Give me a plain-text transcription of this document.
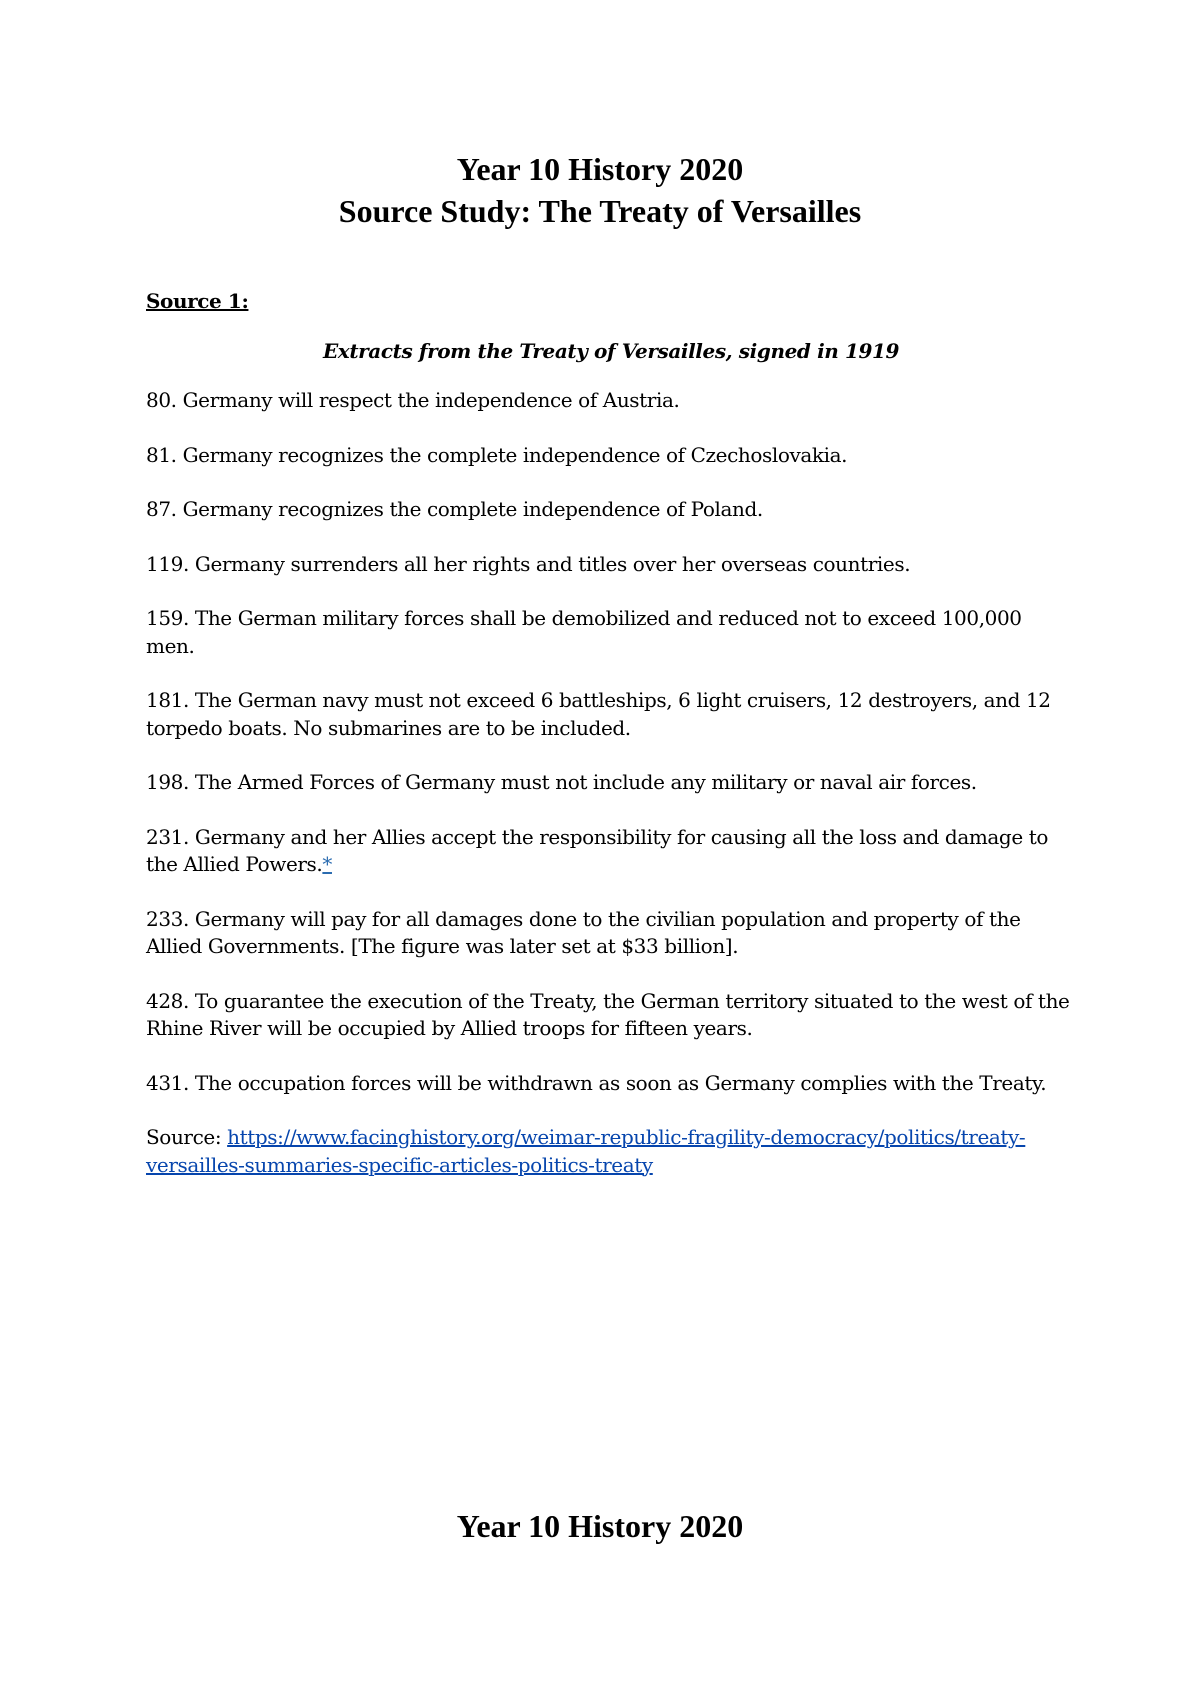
Year 10 History 2020
Source Study: The Treaty of Versailles

Source 1:

Extracts from the Treaty of Versailles, signed in 1919

80. Germany will respect the independence of Austria.

81. Germany recognizes the complete independence of Czechoslovakia.

87. Germany recognizes the complete independence of Poland.

119. Germany surrenders all her rights and titles over her overseas countries.

159. The German military forces shall be demobilized and reduced not to exceed 100,000 men.

181. The German navy must not exceed 6 battleships, 6 light cruisers, 12 destroyers, and 12 torpedo boats. No submarines are to be included.

198. The Armed Forces of Germany must not include any military or naval air forces.

231. Germany and her Allies accept the responsibility for causing all the loss and damage to the Allied Powers.*

233. Germany will pay for all damages done to the civilian population and property of the Allied Governments. [The figure was later set at $33 billion].

428. To guarantee the execution of the Treaty, the German territory situated to the west of the Rhine River will be occupied by Allied troops for fifteen years.

431. The occupation forces will be withdrawn as soon as Germany complies with the Treaty.

Source: https://www.facinghistory.org/weimar-republic-fragility-democracy/politics/treaty-versailles-summaries-specific-articles-politics-treaty

Year 10 History 2020
